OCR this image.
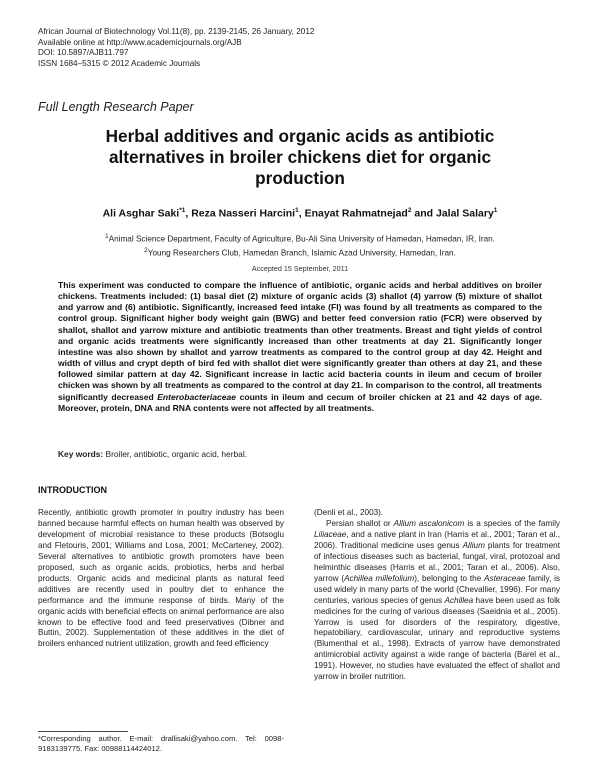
African Journal of Biotechnology Vol.11(8), pp. 2139-2145, 26 January, 2012
Available online at http://www.academicjournals.org/AJB
DOI: 10.5897/AJB11.797
ISSN 1684–5315 © 2012 Academic Journals
Full Length Research Paper
Herbal additives and organic acids as antibiotic
alternatives in broiler chickens diet for organic
production
Ali Asghar Saki$^{*1}$, Reza Nasseri Harcini$^1$, Enayat Rahmatnejad$^2$ and Jalal Salary$^1$
$^1$Animal Science Department, Faculty of Agriculture, Bu-Ali Sina University of Hamedan, Hamedan, IR, Iran.
$^2$Young Researchers Club, Hamedan Branch, Islamic Azad University, Hamedan, Iran.
Accepted 15 September, 2011

This experiment was conducted to compare the influence of antibiotic, organic acids and herbal additives on broiler chickens. Treatments included: (1) basal diet (2) mixture of organic acids (3) shallot (4) yarrow (5) mixture of shallot and yarrow and (6) antibiotic. Significantly, increased feed intake (FI) was found by all treatments as compared to the control group. Significant higher body weight gain (BWG) and better feed conversion ratio (FCR) were observed by shallot, shallot and yarrow mixture and antibiotic treatments than other treatments. Breast and tight yields of control and organic acids treatments were significantly increased than other treatments at day 21. Significantly longer intestine was also shown by shallot and yarrow treatments as compared to the control group at day 42. Height and width of villus and crypt depth of bird fed with shallot diet were significantly greater than others at day 21, and these followed similar pattern at day 42. Significant increase in lactic acid bacteria counts in ileum and cecum of broiler chicken was shown by all treatments as compared to the control at day 21. In comparison to the control, all treatments significantly decreased Enterobacteriaceae counts in ileum and cecum of broiler chicken at 21 and 42 days of age. Moreover, protein, DNA and RNA contents were not affected by all treatments.

Key words: Broiler, antibiotic, organic acid, herbal.
INTRODUCTION

Recently, antibiotic growth promoter in poultry industry has been banned because harmful effects on human health was observed by development of microbial resistance to these products (Botsoglu and Fletouris, 2001; Williams and Losa, 2001; McCarteney, 2002). Several alternatives to antibiotic growth promoters have been proposed, such as organic acids, probiotics, herbs and herbal products. Organic acids and medicinal plants as natural feed additives are recently used in poultry diet to enhance the performance and the immune response of birds. Many of the organic acids with beneficial effects on animal performance are also known to be effective food and feed preservatives (Dibner and Buttin, 2002). Supplementation of these additives in the diet of broilers enhanced nutrient utilization, growth and feed efficiency

(Denli et al., 2003).

Persian shallot or Allium ascalonicom is a species of the family Liliaceae, and a native plant in Iran (Harris et al., 2001; Taran et al., 2006). Traditional medicine uses genus Allium plants for treatment of infectious diseases such as bacterial, fungal, viral, protozoal and helminthic diseases (Harris et al., 2001; Taran et al., 2006). Also, yarrow (Achillea millefolium), belonging to the Asteraceae family, is used widely in many parts of the world (Chevallier, 1996). For many centuries, various species of genus Achillea have been used as folk medicines for the curing of various diseases (Saeidnia et al., 2005). Yarrow is used for disorders of the respiratory, digestive, hepatobiliary, cardiovascular, urinary and reproductive systems (Blumenthal et al., 1998). Extracts of yarrow have demonstrated antimicrobial activity against a wide range of bacteria (Barel et al., 1991). However, no studies have evaluated the effect of shallot and yarrow in broiler nutrition.

*Corresponding author. E-mail: drallisaki@yahoo.com. Tel: 0098-9183139775. Fax: 00988114424012.
